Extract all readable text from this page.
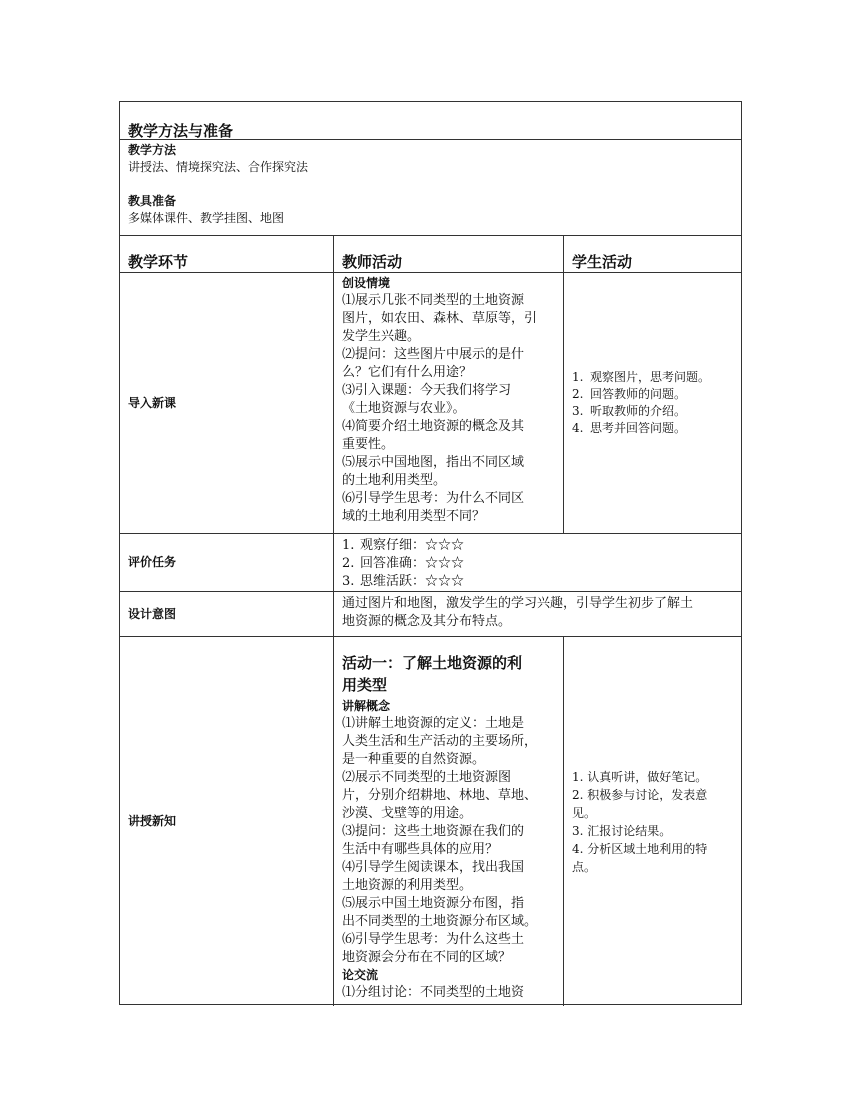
教学方法与准备

教学方法

讲授法、情境探究法、合作探究法

教具准备

多媒体课件、教学挂图、地图

教学环节	教师活动	学生活动
导入新课

创设情境

⑴展示几张不同类型的土地资源

图片，如农田、森林、草原等，引

发学生兴趣。

⑵提问：这些图片中展示的是什

么？它们有什么用途？

⑶引入课题：今天我们将学习

《土地资源与农业》。

⑷简要介绍土地资源的概念及其

重要性。

⑸展示中国地图，指出不同区域

的土地利用类型。

⑹引导学生思考：为什么不同区

域的土地利用类型不同？

1. 观察图片，思考问题。
2. 回答教师的问题。
3. 听取教师的介绍。
4. 思考并回答问题。
评价任务
1. 观察仔细：☆☆☆
2. 回答准确：☆☆☆
3. 思维活跃：☆☆☆
设计意图

通过图片和地图，激发学生的学习兴趣，引导学生初步了解土

地资源的概念及其分布特点。

讲授新知

活动一：了解土地资源的利

用类型

讲解概念

⑴讲解土地资源的定义：土地是

人类生活和生产活动的主要场所，

是一种重要的自然资源。

⑵展示不同类型的土地资源图

片，分别介绍耕地、林地、草地、

沙漠、戈壁等的用途。

⑶提问：这些土地资源在我们的

生活中有哪些具体的应用？

⑷引导学生阅读课本，找出我国

土地资源的利用类型。

⑸展示中国土地资源分布图，指

出不同类型的土地资源分布区域。

⑹引导学生思考：为什么这些土

地资源会分布在不同的区域？

论交流

⑴分组讨论：不同类型的土地资

1. 认真听讲，做好笔记。

2. 积极参与讨论，发表意

见。

3. 汇报讨论结果。

4. 分析区域土地利用的特

点。
